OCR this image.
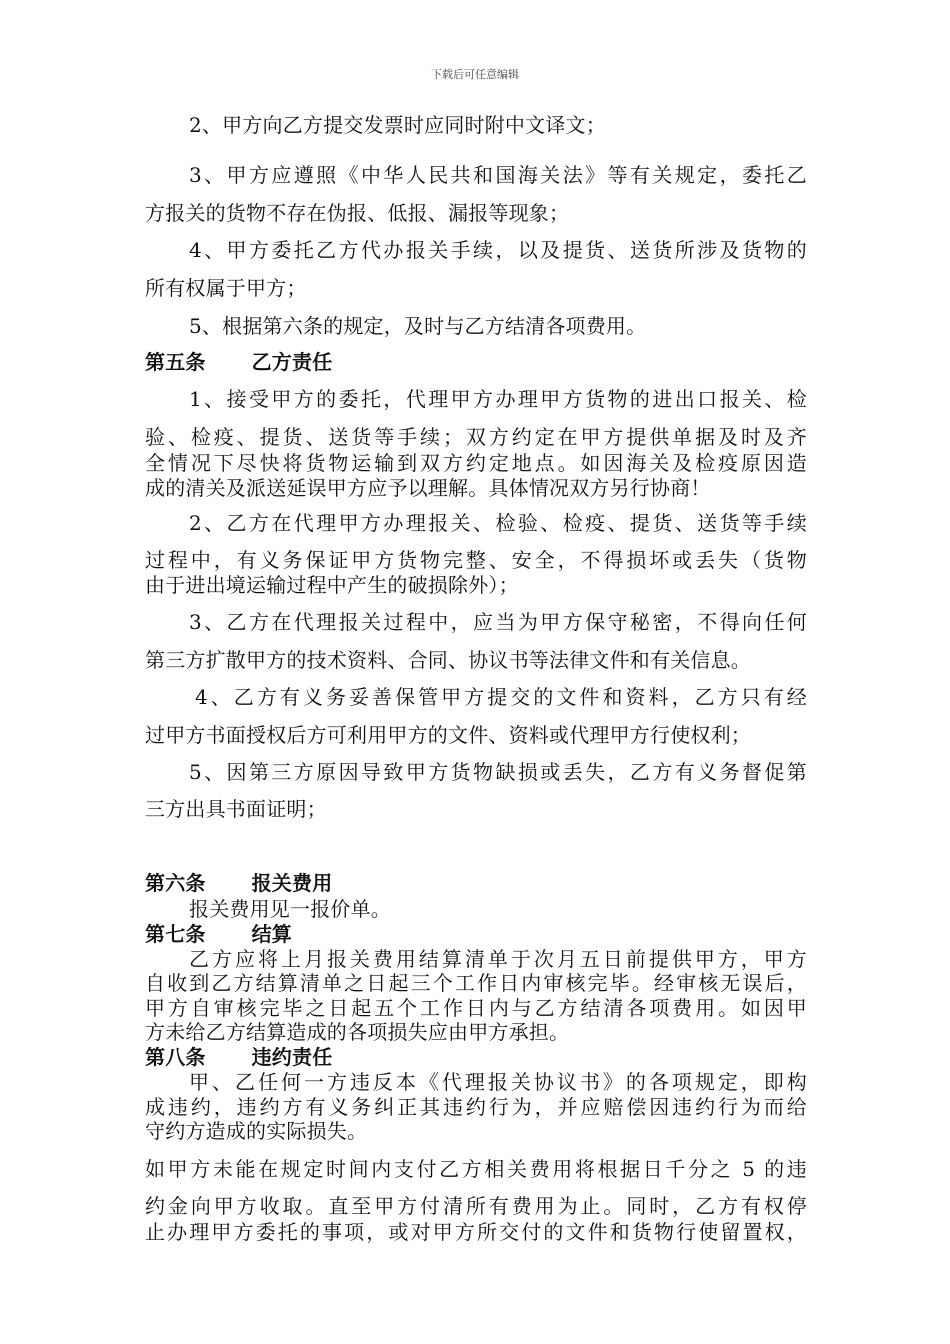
下载后可任意编辑
2、甲方向乙方提交发票时应同时附中文译文；
3、甲方应遵照《中华人民共和国海关法》等有关规定，委托乙
方报关的货物不存在伪报、低报、漏报等现象；
4、甲方委托乙方代办报关手续，以及提货、送货所涉及货物的
所有权属于甲方；
5、根据第六条的规定，及时与乙方结清各项费用。
第五条 乙方责任
1、接受甲方的委托，代理甲方办理甲方货物的进出口报关、检
验、检疫、提货、送货等手续；双方约定在甲方提供单据及时及齐
全情况下尽快将货物运输到双方约定地点。如因海关及检疫原因造
成的清关及派送延误甲方应予以理解。具体情况双方另行协商！
2、乙方在代理甲方办理报关、检验、检疫、提货、送货等手续
过程中，有义务保证甲方货物完整、安全，不得损坏或丢失（货物
由于进出境运输过程中产生的破损除外）；
3、乙方在代理报关过程中，应当为甲方保守秘密，不得向任何
第三方扩散甲方的技术资料、合同、协议书等法律文件和有关信息。
4、乙方有义务妥善保管甲方提交的文件和资料，乙方只有经
过甲方书面授权后方可利用甲方的文件、资料或代理甲方行使权利；
5、因第三方原因导致甲方货物缺损或丢失，乙方有义务督促第
三方出具书面证明；
第六条 报关费用
报关费用见一报价单。
第七条 结算
乙方应将上月报关费用结算清单于次月五日前提供甲方，甲方
自收到乙方结算清单之日起三个工作日内审核完毕。经审核无误后，
甲方自审核完毕之日起五个工作日内与乙方结清各项费用。如因甲
方未给乙方结算造成的各项损失应由甲方承担。
第八条 违约责任
甲、乙任何一方违反本《代理报关协议书》的各项规定，即构
成违约，违约方有义务纠正其违约行为，并应赔偿因违约行为而给
守约方造成的实际损失。
如甲方未能在规定时间内支付乙方相关费用将根据日千分之 5 的违
约金向甲方收取。直至甲方付清所有费用为止。同时，乙方有权停
止办理甲方委托的事项，或对甲方所交付的文件和货物行使留置权，
